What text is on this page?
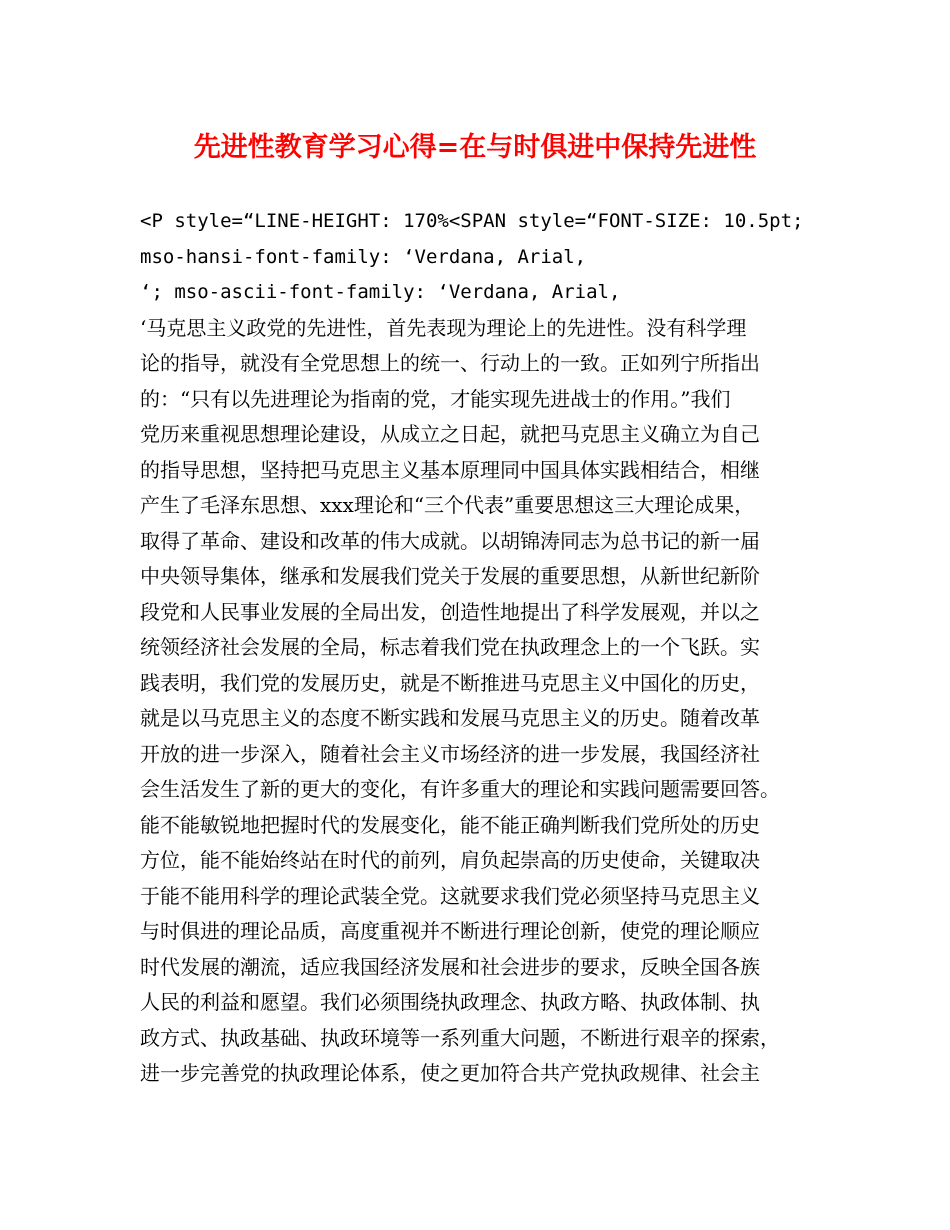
先进性教育学习心得=在与时俱进中保持先进性
<P style=“LINE-HEIGHT: 170%<SPAN style=“FONT-SIZE: 10.5pt;
mso-hansi-font-family: ‘Verdana, Arial,
‘; mso-ascii-font-family: ‘Verdana, Arial,
‘马克思主义政党的先进性，首先表现为理论上的先进性。没有科学理
论的指导，就没有全党思想上的统一、行动上的一致。正如列宁所指出
的：“只有以先进理论为指南的党，才能实现先进战士的作用。”我们
党历来重视思想理论建设，从成立之日起，就把马克思主义确立为自己
的指导思想，坚持把马克思主义基本原理同中国具体实践相结合，相继
产生了毛泽东思想、xxx理论和“三个代表”重要思想这三大理论成果，
取得了革命、建设和改革的伟大成就。以胡锦涛同志为总书记的新一届
中央领导集体，继承和发展我们党关于发展的重要思想，从新世纪新阶
段党和人民事业发展的全局出发，创造性地提出了科学发展观，并以之
统领经济社会发展的全局，标志着我们党在执政理念上的一个飞跃。实
践表明，我们党的发展历史，就是不断推进马克思主义中国化的历史，
就是以马克思主义的态度不断实践和发展马克思主义的历史。随着改革
开放的进一步深入，随着社会主义市场经济的进一步发展，我国经济社
会生活发生了新的更大的变化，有许多重大的理论和实践问题需要回答。
能不能敏锐地把握时代的发展变化，能不能正确判断我们党所处的历史
方位，能不能始终站在时代的前列，肩负起崇高的历史使命，关键取决
于能不能用科学的理论武装全党。这就要求我们党必须坚持马克思主义
与时俱进的理论品质，高度重视并不断进行理论创新，使党的理论顺应
时代发展的潮流，适应我国经济发展和社会进步的要求，反映全国各族
人民的利益和愿望。我们必须围绕执政理念、执政方略、执政体制、执
政方式、执政基础、执政环境等一系列重大问题，不断进行艰辛的探索，
进一步完善党的执政理论体系，使之更加符合共产党执政规律、社会主
